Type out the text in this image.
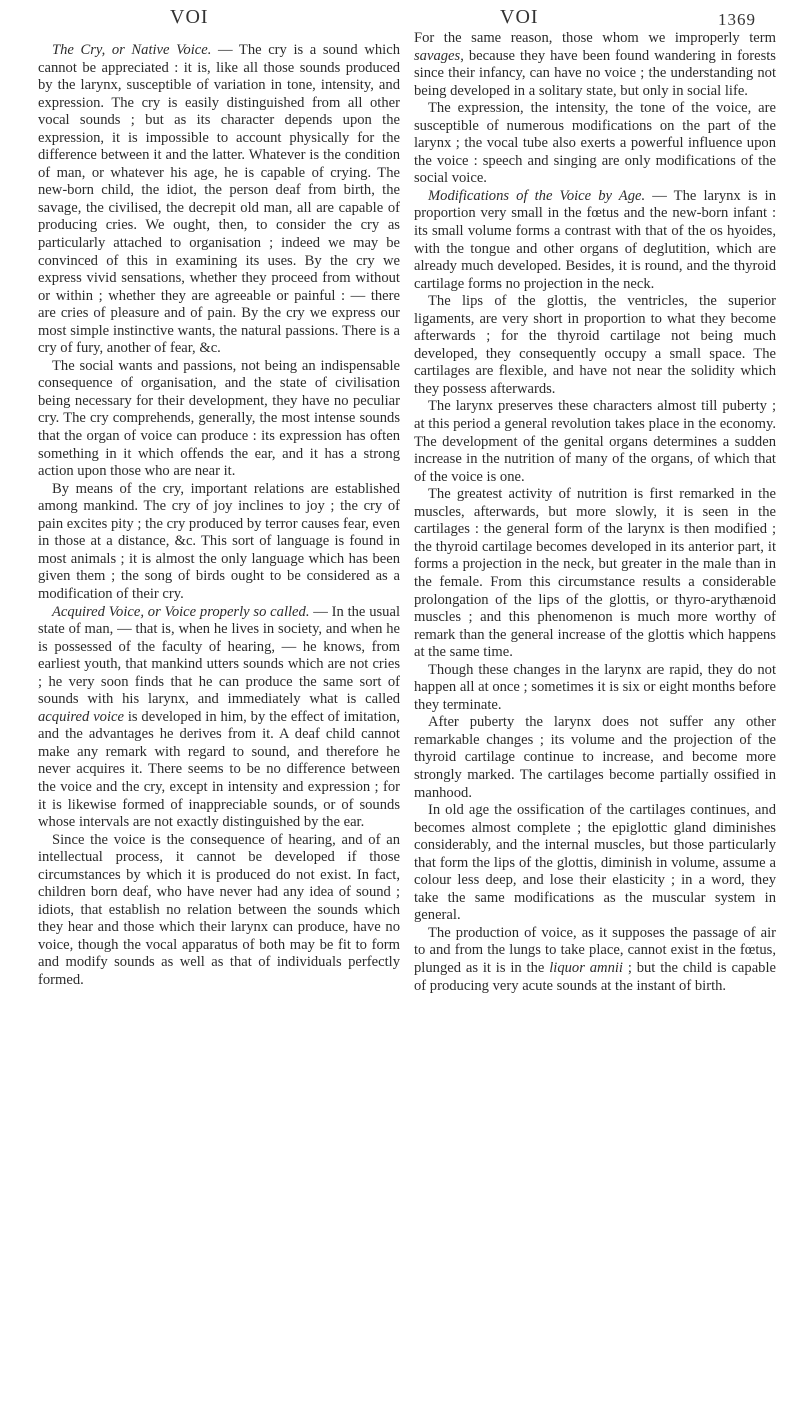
VOI	VOI	1369

The Cry, or Native Voice. — The cry is a sound which cannot be appreciated : it is, like all those sounds produced by the larynx, susceptible of variation in tone, intensity, and expression. The cry is easily distinguished from all other vocal sounds ; but as its character depends upon the expression, it is impossible to account physically for the difference between it and the latter. Whatever is the condition of man, or whatever his age, he is capable of crying. The new-born child, the idiot, the person deaf from birth, the savage, the civilised, the decrepit old man, all are capable of producing cries. We ought, then, to consider the cry as particularly attached to organisation ; indeed we may be convinced of this in examining its uses. By the cry we express vivid sensations, whether they proceed from without or within ; whether they are agreeable or painful : — there are cries of pleasure and of pain. By the cry we express our most simple instinctive wants, the natural passions. There is a cry of fury, another of fear, &c.

The social wants and passions, not being an indispensable consequence of organisation, and the state of civilisation being necessary for their development, they have no peculiar cry. The cry comprehends, generally, the most intense sounds that the organ of voice can produce : its expression has often something in it which offends the ear, and it has a strong action upon those who are near it.

By means of the cry, important relations are established among mankind. The cry of joy inclines to joy ; the cry of pain excites pity ; the cry produced by terror causes fear, even in those at a distance, &c. This sort of language is found in most animals ; it is almost the only language which has been given them ; the song of birds ought to be considered as a modification of their cry.

Acquired Voice, or Voice properly so called. — In the usual state of man, — that is, when he lives in society, and when he is possessed of the faculty of hearing, — he knows, from earliest youth, that mankind utters sounds which are not cries ; he very soon finds that he can produce the same sort of sounds with his larynx, and immediately what is called acquired voice is developed in him, by the effect of imitation, and the advantages he derives from it. A deaf child cannot make any remark with regard to sound, and therefore he never acquires it. There seems to be no difference between the voice and the cry, except in intensity and expression ; for it is likewise formed of inappreciable sounds, or of sounds whose intervals are not exactly distinguished by the ear.

Since the voice is the consequence of hearing, and of an intellectual process, it cannot be developed if those circumstances by which it is produced do not exist. In fact, children born deaf, who have never had any idea of sound ; idiots, that establish no relation between the sounds which they hear and those which their larynx can produce, have no voice, though the vocal apparatus of both may be fit to form and modify sounds as well as that of individuals perfectly formed.

For the same reason, those whom we improperly term savages, because they have been found wandering in forests since their infancy, can have no voice ; the understanding not being developed in a solitary state, but only in social life.

The expression, the intensity, the tone of the voice, are susceptible of numerous modifications on the part of the larynx ; the vocal tube also exerts a powerful influence upon the voice : speech and singing are only modifications of the social voice.

Modifications of the Voice by Age. — The larynx is in proportion very small in the fœtus and the new-born infant : its small volume forms a contrast with that of the os hyoides, with the tongue and other organs of deglutition, which are already much developed. Besides, it is round, and the thyroid cartilage forms no projection in the neck.

The lips of the glottis, the ventricles, the superior ligaments, are very short in proportion to what they become afterwards ; for the thyroid cartilage not being much developed, they consequently occupy a small space. The cartilages are flexible, and have not near the solidity which they possess afterwards.

The larynx preserves these characters almost till puberty ; at this period a general revolution takes place in the economy. The development of the genital organs determines a sudden increase in the nutrition of many of the organs, of which that of the voice is one.

The greatest activity of nutrition is first remarked in the muscles, afterwards, but more slowly, it is seen in the cartilages : the general form of the larynx is then modified ; the thyroid cartilage becomes developed in its anterior part, it forms a projection in the neck, but greater in the male than in the female. From this circumstance results a considerable prolongation of the lips of the glottis, or thyro-arythænoid muscles ; and this phenomenon is much more worthy of remark than the general increase of the glottis which happens at the same time.

Though these changes in the larynx are rapid, they do not happen all at once ; sometimes it is six or eight months before they terminate.

After puberty the larynx does not suffer any other remarkable changes ; its volume and the projection of the thyroid cartilage continue to increase, and become more strongly marked. The cartilages become partially ossified in manhood.

In old age the ossification of the cartilages continues, and becomes almost complete ; the epiglottic gland diminishes considerably, and the internal muscles, but those particularly that form the lips of the glottis, diminish in volume, assume a colour less deep, and lose their elasticity ; in a word, they take the same modifications as the muscular system in general.

The production of voice, as it supposes the passage of air to and from the lungs to take place, cannot exist in the fœtus, plunged as it is in the liquor amnii ; but the child is capable of producing very acute sounds at the instant of birth.
